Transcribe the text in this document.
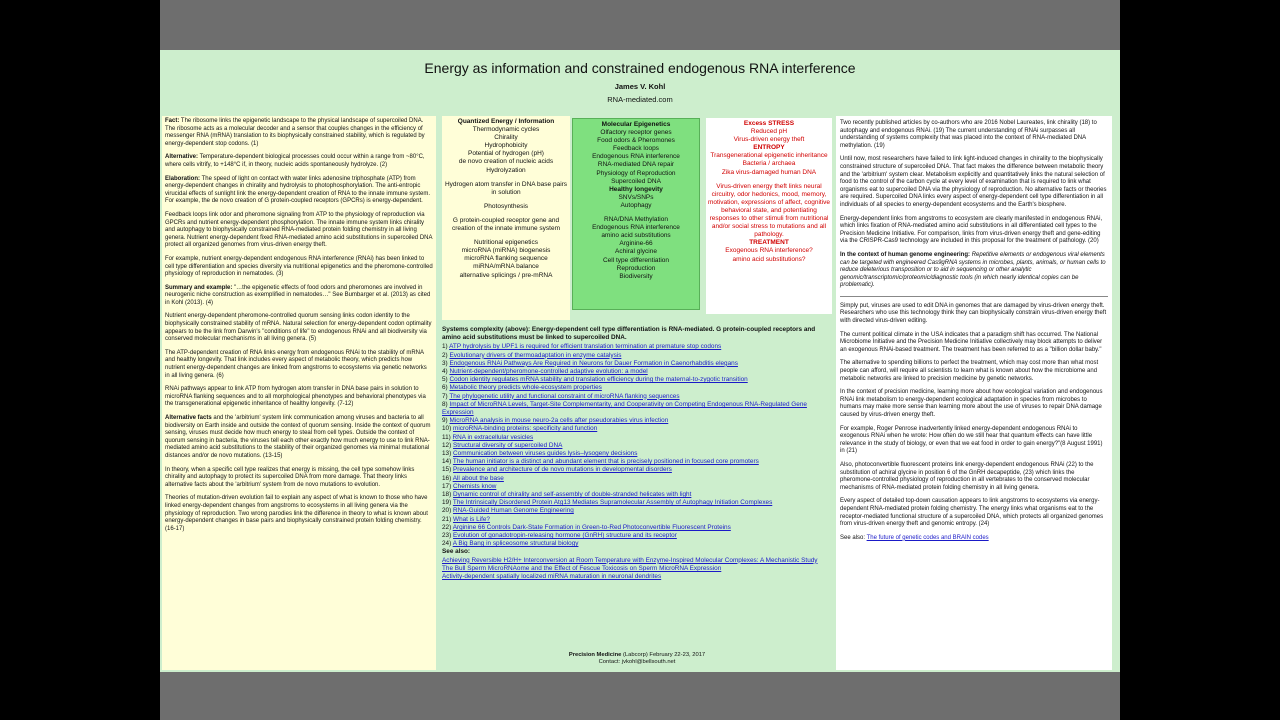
Energy as information and constrained endogenous RNA interference
James V. Kohl
RNA-mediated.com

Fact: The ribosome links the epigenetic landscape to the physical landscape of supercoiled DNA. The ribosome acts as a molecular decoder and a sensor that couples changes in the efficiency of messenger RNA (mRNA) translation to its biophysically constrained stability, which is regulated by energy-dependent stop codons. (1)

Alternative: Temperature-dependent biological processes could occur within a range from ~80°C, where cells vitrify, to +148°C if, in theory, nucleic acids spontaneously hydrolyze. (2)

Elaboration: The speed of light on contact with water links adenosine triphosphate (ATP) from energy-dependent changes in chirality and hydrolysis to photophosphorylation. The anti-entropic virucidal effects of sunlight link the energy-dependent creation of RNA to the innate immune system. For example, the de novo creation of G protein-coupled receptors (GPCRs) is energy-dependent.

Feedback loops link odor and pheromone signaling from ATP to the physiology of reproduction via GPCRs and nutrient energy-dependent phosphorylation. The innate immune system links chirality and autophagy to biophysically constrained RNA-mediated protein folding chemistry in all living genera. Nutrient energy-dependent fixed RNA-mediated amino acid substitutions in supercoiled DNA protect all organized genomes from virus-driven energy theft.

For example, nutrient energy-dependent endogenous RNA interference (RNAi) has been linked to cell type differentiation and species diversity via nutritional epigenetics and the pheromone-controlled physiology of reproduction in nematodes. (3)

Summary and example: "…the epigenetic effects of food odors and pheromones are involved in neurogenic niche construction as exemplified in nematodes…" See Bumbarger et al. (2013) as cited in Kohl (2013). (4)

Nutrient energy-dependent pheromone-controlled quorum sensing links codon identity to the biophysically constrained stability of mRNA. Natural selection for energy-dependent codon optimality appears to be the link from Darwin's "conditions of life" to endogenous RNAi and all biodiversity via conserved molecular mechanisms in all living genera. (5)

The ATP-dependent creation of RNA links energy from endogenous RNAi to the stability of mRNA and healthy longevity. That link includes every aspect of metabolic theory, which predicts how nutrient energy-dependent changes are linked from angstroms to ecosystems via genetic networks in all living genera. (6)

RNAi pathways appear to link ATP from hydrogen atom transfer in DNA base pairs in solution to microRNA flanking sequences and to all morphological phenotypes and behavioral phenotypes via the transgenerational epigenetic inheritance of healthy longevity. (7-12)

Alternative facts and the 'arbitrium' system link communication among viruses and bacteria to all biodiversity on Earth inside and outside the context of quorum sensing. Inside the context of quorum sensing, viruses must decide how much energy to steal from cell types. Outside the context of quorum sensing in bacteria, the viruses tell each other exactly how much energy to use to link RNA-mediated amino acid substitutions to the stability of their organized genomes via minimal mutational distances and/or de novo mutations. (13-15)

In theory, when a specific cell type realizes that energy is missing, the cell type somehow links chirality and autophagy to protect its supercoiled DNA from more damage. That theory links alternative facts about the 'arbitrium' system from de novo mutations to evolution.

Theories of mutation-driven evolution fail to explain any aspect of what is known to those who have linked energy-dependent changes from angstroms to ecosystems in all living genera via the physiology of reproduction. Two wrong parodies link the difference in theory to what is known about energy-dependent changes in base pairs and biophysically constrained protein folding chemistry. (16-17)

Quantized Energy / Information
Thermodynamic cycles
Chirality
Hydrophobicity
Potential of hydrogen (pH)
de novo creation of nucleic acids
Hydrolyzation
Hydrogen atom transfer in DNA base pairs in solution
Photosynthesis
G protein-coupled receptor gene and creation of the innate immune system
Nutritional epigenetics
microRNA (miRNA) biogenesis
microRNA flanking sequence
miRNA/mRNA balance
alternative splicings / pre-mRNA
Molecular Epigenetics
Olfactory receptor genes
Food odors & Pheromones
Feedback loops
Endogenous RNA interference
RNA-mediated DNA repair
Physiology of Reproduction
Supercoiled DNA
Healthy longevity
SNVs/SNPs
Autophagy
RNA/DNA Methylation
Endogenous RNA interference
amino acid substitutions
Arginine-66
Achiral glycine
Cell type differentiation
Reproduction
Biodiversity
Excess STRESS
Reduced pH
Virus-driven energy theft
ENTROPY
Transgenerational epigenetic inheritance
Bacteria / archaea
Zika virus-damaged human DNA
Virus-driven energy theft links neural circuitry, odor hedonics, mood, memory, motivation, expressions of affect, cognitive behavioral state, and potentiating responses to other stimuli from nutritional and/or social stress to mutations and all pathology.
TREATMENT
Exogenous RNA interference?
amino acid substitutions?
Systems complexity (above): Energy-dependent cell type differentiation is RNA-mediated. G protein-coupled receptors and amino acid substitutions must be linked to supercoiled DNA.
1) ATP hydrolysis by UPF1 is required for efficient translation termination at premature stop codons
2) Evolutionary drivers of thermoadaptation in enzyme catalysis
3) Endogenous RNAi Pathways Are Required in Neurons for Dauer Formation in Caenorhabditis elegans
4) Nutrient-dependent/pheromone-controlled adaptive evolution: a model
5) Codon identity regulates mRNA stability and translation efficiency during the maternal-to-zygotic transition
6) Metabolic theory predicts whole-ecosystem properties
7) The phylogenetic utility and functional constraint of microRNA flanking sequences
8) Impact of MicroRNA Levels, Target-Site Complementarity, and Cooperativity on Competing Endogenous RNA-Regulated Gene Expression
9) MicroRNA analysis in mouse neuro-2a cells after pseudorabies virus infection
10) microRNA-binding proteins: specificity and function
11) RNA in extracellular vesicles
12) Structural diversity of supercoiled DNA
13) Communication between viruses guides lysis–lysogeny decisions
14) The human initiator is a distinct and abundant element that is precisely positioned in focused core promoters
15) Prevalence and architecture of de novo mutations in developmental disorders
16) All about the base
17) Chemists know
18) Dynamic control of chirality and self-assembly of double-stranded helicates with light
19) The Intrinsically Disordered Protein Atg13 Mediates Supramolecular Assembly of Autophagy Initiation Complexes
20) RNA-Guided Human Genome Engineering
21) What is Life?
22) Arginine 66 Controls Dark-State Formation in Green-to-Red Photoconvertible Fluorescent Proteins
23) Evolution of gonadotropin-releasing hormone (GnRH) structure and its receptor
24) A Big Bang in spliceosome structural biology
See also:
Achieving Reversible H2/H+ Interconversion at Room Temperature with Enzyme-Inspired Molecular Complexes: A Mechanistic Study
The Bull Sperm MicroRNAome and the Effect of Fescue Toxicosis on Sperm MicroRNA Expression
Activity-dependent spatially localized miRNA maturation in neuronal dendrites
Precision Medicine (Labcorp) February 22-23, 2017
Contact: jvkohl@bellsouth.net

Two recently published articles by co-authors who are 2016 Nobel Laureates, link chirality (18) to autophagy and endogenous RNAi. (19) The current understanding of RNAi surpasses all understanding of systems complexity that was placed into the context of RNA-mediated DNA methylation. (19)

Until now, most researchers have failed to link light-induced changes in chirality to the biophysically constrained structure of supercoiled DNA. That fact makes the difference between metabolic theory and the 'arbitrium' system clear. Metabolism explicitly and quantitatively links the natural selection of food to the control of the carbon cycle at every level of examination that is required to link what organisms eat to supercoiled DNA via the physiology of reproduction. No alternative facts or theories are required. Supercoiled DNA links every aspect of energy-dependent cell type differentiation in all individuals of all species to energy-dependent ecosystems and the Earth's biosphere.

Energy-dependent links from angstroms to ecosystem are clearly manifested in endogenous RNAi, which links fixation of RNA-mediated amino acid substitutions in all differentiated cell types to the Precision Medicine Initiative. For comparison, links from virus-driven energy theft and gene-editing via the CRISPR-Cas9 technology are included in this proposal for the treatment of pathology. (20)

In the context of human genome engineering: Repetitive elements or endogenous viral elements can be targeted with engineered Cas9gRNA systems in microbes, plants, animals, or human cells to reduce deleterious transposition or to aid in sequencing or other analytic genomic/transcriptomic/proteomic/diagnostic tools (in which nearly identical copies can be problematic).

Simply put, viruses are used to edit DNA in genomes that are damaged by virus-driven energy theft. Researchers who use this technology think they can biophysically constrain virus-driven energy theft with directed virus-driven editing.

The current political climate in the USA indicates that a paradigm shift has occurred. The National Microbiome Initiative and the Precision Medicine Initiative collectively may block attempts to deliver an exogenous RNAi-based treatment. The treatment has been referred to as a "billion dollar baby."

The alternative to spending billions to perfect the treatment, which may cost more than what most people can afford, will require all scientists to learn what is known about how the microbiome and metabolic networks are linked to precision medicine by genetic networks.

In the context of precision medicine, learning more about how ecological variation and endogenous RNAi link metabolism to energy-dependent ecological adaptation in species from microbes to humans may make more sense than learning more about the use of viruses to repair DNA damage caused by virus-driven energy theft.

For example, Roger Penrose inadvertently linked energy-dependent endogenous RNAi to exogenous RNAi when he wrote: How often do we still hear that quantum effects can have little relevance in the study of biology, or even that we eat food in order to gain energy?"(8 August 1991) in (21)

Also, photoconvertible fluorescent proteins link energy-dependent endogenous RNAi (22) to the substitution of achiral glycine in position 6 of the GnRH decapeptide, (23) which links the pheromone-controlled physiology of reproduction in all vertebrates to the conserved molecular mechanisms of RNA-mediated protein folding chemistry in all living genera.

Every aspect of detailed top-down causation appears to link angstroms to ecosystems via energy-dependent RNA-mediated protein folding chemistry. The energy links what organisms eat to the receptor-mediated functional structure of a supercoiled DNA, which protects all organized genomes from virus-driven energy theft and genomic entropy. (24)

See also: The future of genetic codes and BRAIN codes
